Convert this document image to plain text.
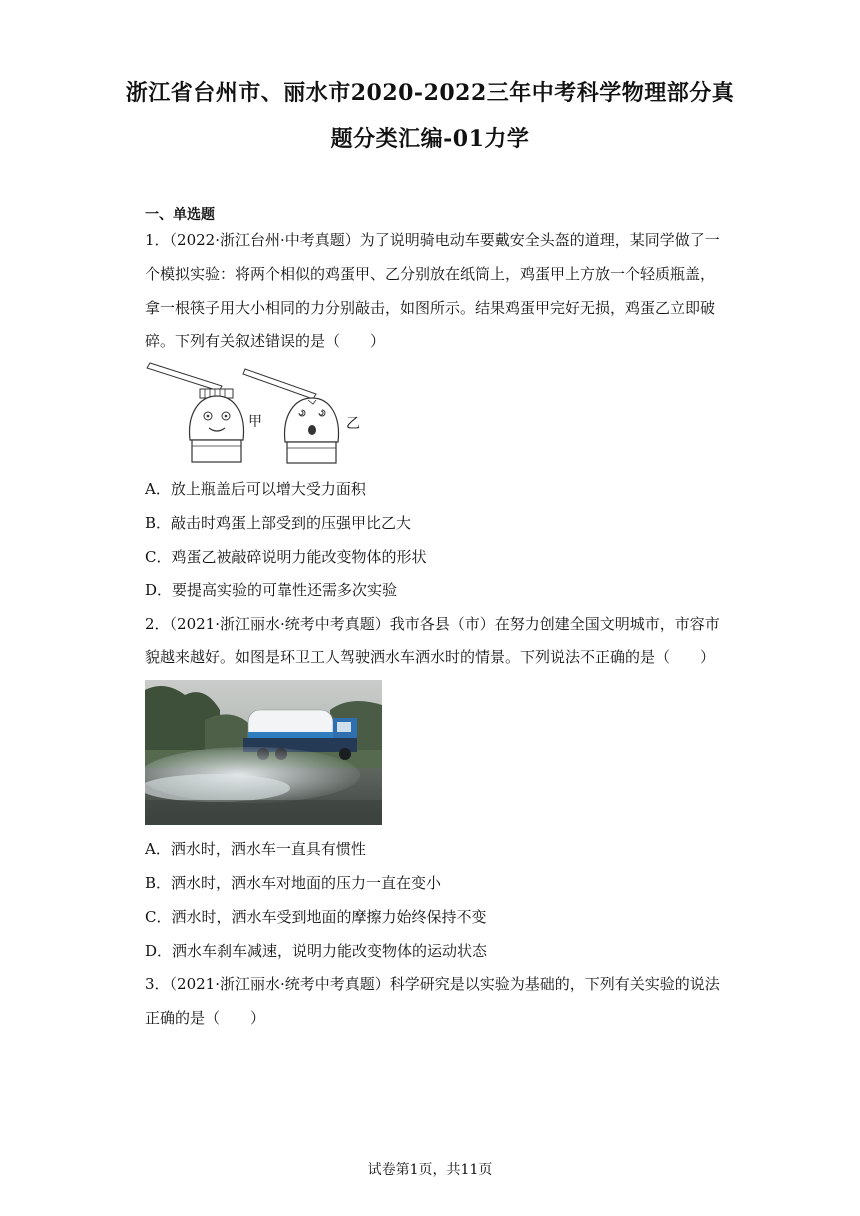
浙江省台州市、丽水市2020-2022三年中考科学物理部分真
题分类汇编-01力学
一、单选题
1．（2022·浙江台州·中考真题）为了说明骑电动车要戴安全头盔的道理，某同学做了一
个模拟实验：将两个相似的鸡蛋甲、乙分别放在纸筒上，鸡蛋甲上方放一个轻质瓶盖，
拿一根筷子用大小相同的力分别敲击，如图所示。结果鸡蛋甲完好无损，鸡蛋乙立即破
碎。下列有关叙述错误的是（　　）
甲	乙
A．放上瓶盖后可以增大受力面积
B．敲击时鸡蛋上部受到的压强甲比乙大
C．鸡蛋乙被敲碎说明力能改变物体的形状
D．要提高实验的可靠性还需多次实验
2．（2021·浙江丽水·统考中考真题）我市各县（市）在努力创建全国文明城市，市容市
貌越来越好。如图是环卫工人驾驶洒水车洒水时的情景。下列说法不正确的是（　　）
A．洒水时，洒水车一直具有惯性
B．洒水时，洒水车对地面的压力一直在变小
C．洒水时，洒水车受到地面的摩擦力始终保持不变
D．洒水车刹车减速，说明力能改变物体的运动状态
3．（2021·浙江丽水·统考中考真题）科学研究是以实验为基础的，下列有关实验的说法
正确的是（　　）
试卷第1页，共11页
